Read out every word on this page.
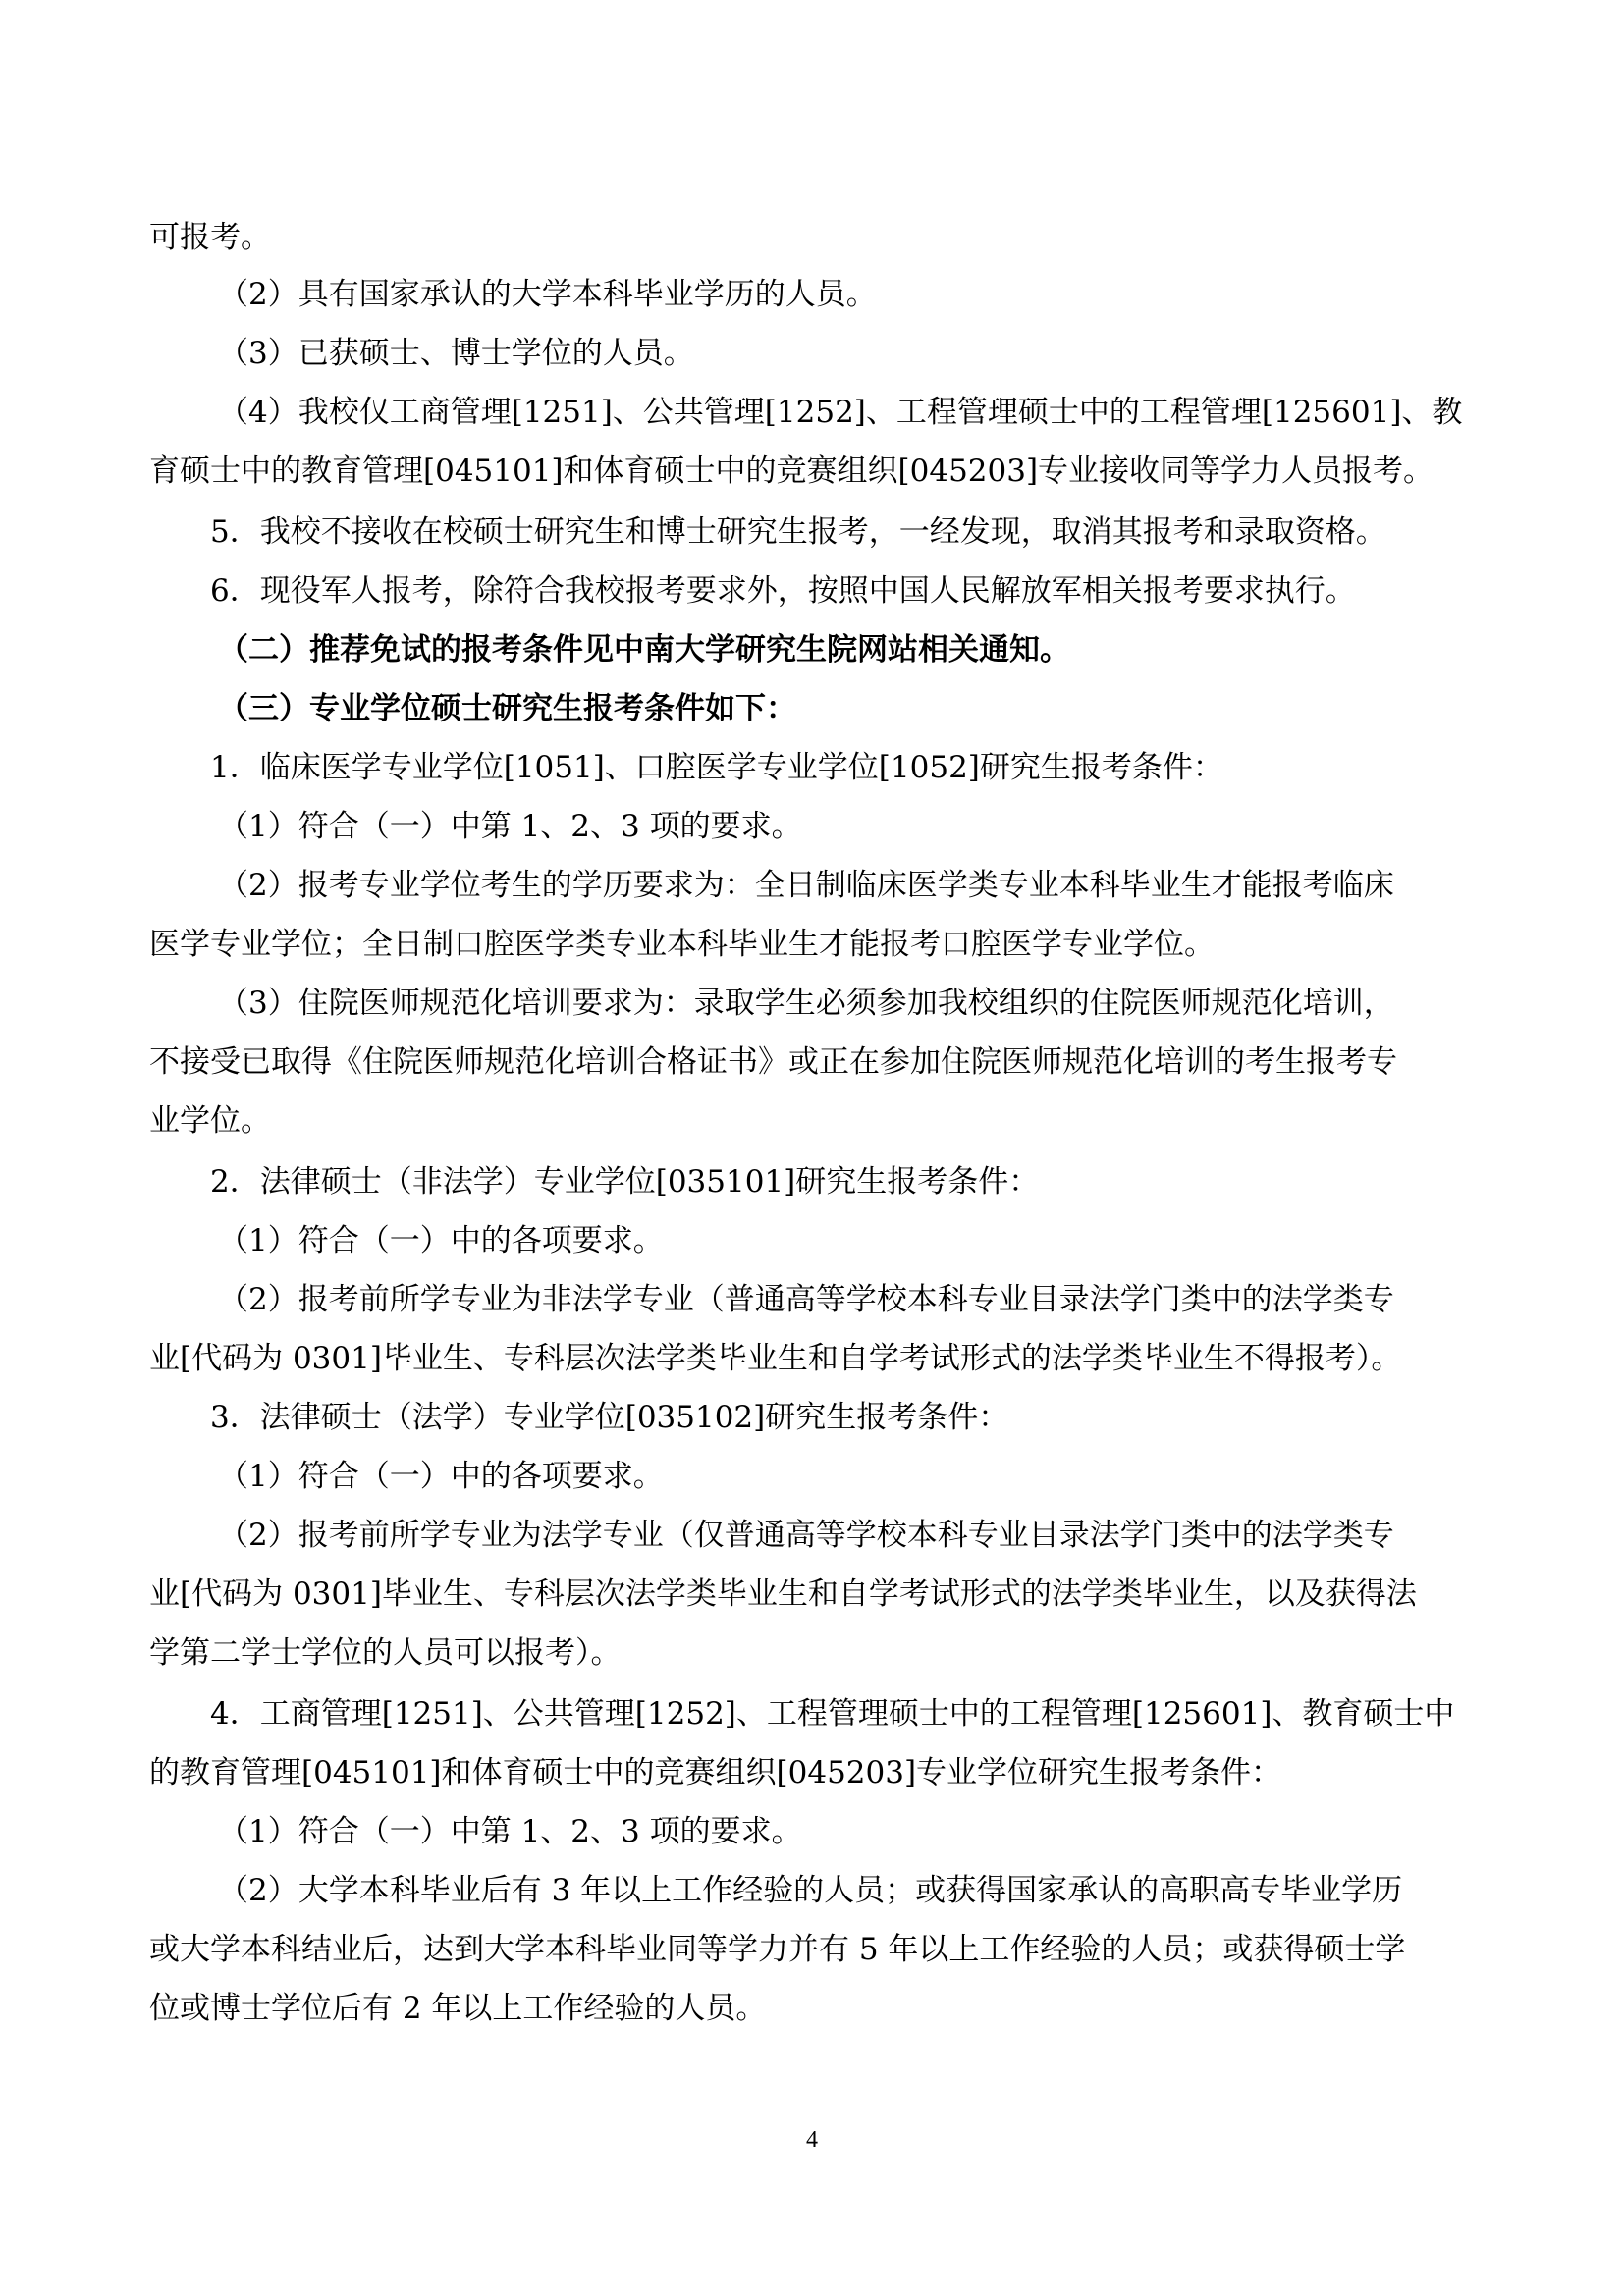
可报考。
（2）具有国家承认的大学本科毕业学历的人员。
（3）已获硕士、博士学位的人员。
（4）我校仅工商管理[1251]、公共管理[1252]、工程管理硕士中的工程管理[125601]、教
育硕士中的教育管理[045101]和体育硕士中的竞赛组织[045203]专业接收同等学力人员报考。
5．我校不接收在校硕士研究生和博士研究生报考，一经发现，取消其报考和录取资格。
6．现役军人报考，除符合我校报考要求外，按照中国人民解放军相关报考要求执行。
（二）推荐免试的报考条件见中南大学研究生院网站相关通知。
（三）专业学位硕士研究生报考条件如下：
1．临床医学专业学位[1051]、口腔医学专业学位[1052]研究生报考条件：
（1）符合（一）中第 1、2、3 项的要求。
（2）报考专业学位考生的学历要求为：全日制临床医学类专业本科毕业生才能报考临床
医学专业学位；全日制口腔医学类专业本科毕业生才能报考口腔医学专业学位。
（3）住院医师规范化培训要求为：录取学生必须参加我校组织的住院医师规范化培训，
不接受已取得《住院医师规范化培训合格证书》或正在参加住院医师规范化培训的考生报考专
业学位。
2．法律硕士（非法学）专业学位[035101]研究生报考条件：
（1）符合（一）中的各项要求。
（2）报考前所学专业为非法学专业（普通高等学校本科专业目录法学门类中的法学类专
业[代码为 0301]毕业生、专科层次法学类毕业生和自学考试形式的法学类毕业生不得报考）。
3．法律硕士（法学）专业学位[035102]研究生报考条件：
（1）符合（一）中的各项要求。
（2）报考前所学专业为法学专业（仅普通高等学校本科专业目录法学门类中的法学类专
业[代码为 0301]毕业生、专科层次法学类毕业生和自学考试形式的法学类毕业生，以及获得法
学第二学士学位的人员可以报考）。
4．工商管理[1251]、公共管理[1252]、工程管理硕士中的工程管理[125601]、教育硕士中
的教育管理[045101]和体育硕士中的竞赛组织[045203]专业学位研究生报考条件：
（1）符合（一）中第 1、2、3 项的要求。
（2）大学本科毕业后有 3 年以上工作经验的人员；或获得国家承认的高职高专毕业学历
或大学本科结业后，达到大学本科毕业同等学力并有 5 年以上工作经验的人员；或获得硕士学
位或博士学位后有 2 年以上工作经验的人员。
4
